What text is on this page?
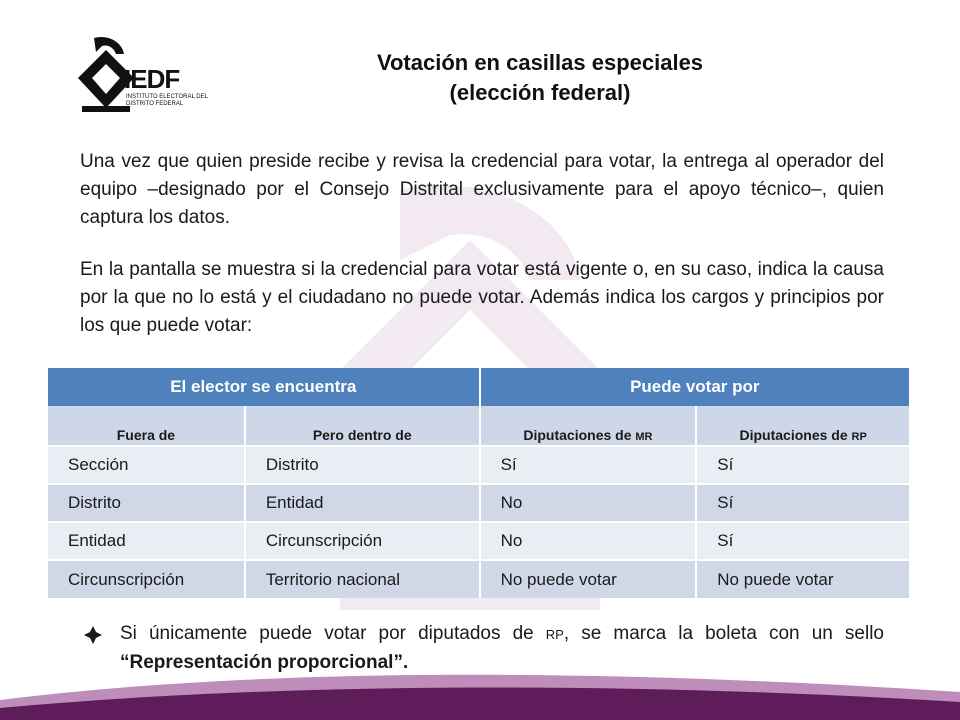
IEDF
INSTITUTO ELECTORAL DEL DISTRITO FEDERAL
Votación en casillas especiales
(elección federal)

Una vez que quien preside recibe y revisa la credencial para votar, la entrega al operador del equipo –designado por el Consejo Distrital exclusivamente para el apoyo técnico–, quien captura los datos.

En la pantalla se muestra si la credencial para votar está vigente o, en su caso, indica la causa por la que no lo está y el ciudadano no puede votar. Además indica los cargos y principios por los que puede votar:

El elector se encuentra		Puede votar por	
Fuera de	Pero dentro de	Diputaciones de MR	Diputaciones de RP
Sección	Distrito	Sí	Sí
Distrito	Entidad	No	Sí
Entidad	Circunscripción	No	Sí
Circunscripción	Territorio nacional	No puede votar	No puede votar
Si únicamente puede votar por diputados de RP, se marca la boleta con un sello “Representación proporcional”.
